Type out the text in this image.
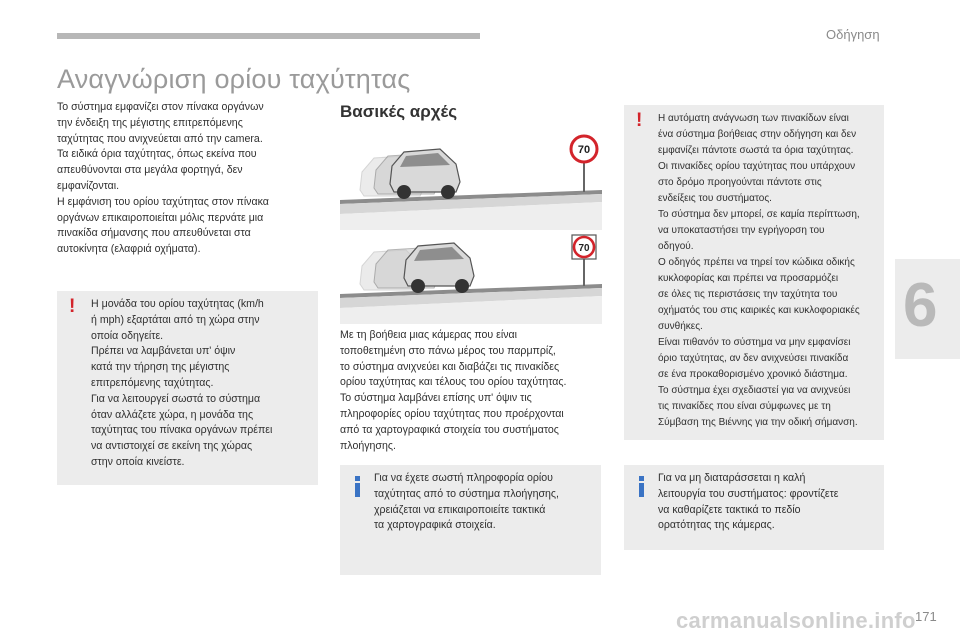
Οδήγηση
Αναγνώριση ορίου ταχύτητας
Το σύστημα εμφανίζει στον πίνακα οργάνων
την ένδειξη της μέγιστης επιτρεπόμενης
ταχύτητας που ανιχνεύεται από την camera.
Τα ειδικά όρια ταχύτητας, όπως εκείνα που
απευθύνονται στα μεγάλα φορτηγά, δεν
εμφανίζονται.
Η εμφάνιση του ορίου ταχύτητας στον πίνακα
οργάνων επικαιροποιείται μόλις περνάτε μια
πινακίδα σήμανσης που απευθύνεται στα
αυτοκίνητα (ελαφριά οχήματα).
! Η μονάδα του ορίου ταχύτητας (km/h
ή mph) εξαρτάται από τη χώρα στην
οποία οδηγείτε.
Πρέπει να λαμβάνεται υπ' όψιν
κατά την τήρηση της μέγιστης
επιτρεπόμενης ταχύτητας.
Για να λειτουργεί σωστά το σύστημα
όταν αλλάζετε χώρα, η μονάδα της
ταχύτητας του πίνακα οργάνων πρέπει
να αντιστοιχεί σε εκείνη της χώρας
στην οποία κινείστε.
Βασικές αρχές
70
70
Με τη βοήθεια μιας κάμερας που είναι
τοποθετημένη στο πάνω μέρος του παρμπρίζ,
το σύστημα ανιχνεύει και διαβάζει τις πινακίδες
ορίου ταχύτητας και τέλους του ορίου ταχύτητας.
Το σύστημα λαμβάνει επίσης υπ' όψιν τις
πληροφορίες ορίου ταχύτητας που προέρχονται
από τα χαρτογραφικά στοιχεία του συστήματος
πλοήγησης.
Για να έχετε σωστή πληροφορία ορίου
ταχύτητας από το σύστημα πλοήγησης,
χρειάζεται να επικαιροποιείτε τακτικά
τα χαρτογραφικά στοιχεία.
! Η αυτόματη ανάγνωση των πινακίδων είναι
ένα σύστημα βοήθειας στην οδήγηση και δεν
εμφανίζει πάντοτε σωστά τα όρια ταχύτητας.
Οι πινακίδες ορίου ταχύτητας που υπάρχουν
στο δρόμο προηγούνται πάντοτε στις
ενδείξεις του συστήματος.
Το σύστημα δεν μπορεί, σε καμία περίπτωση,
να υποκαταστήσει την εγρήγορση του
οδηγού.
Ο οδηγός πρέπει να τηρεί τον κώδικα οδικής
κυκλοφορίας και πρέπει να προσαρμόζει
σε όλες τις περιστάσεις την ταχύτητα του
οχήματός του στις καιρικές και κυκλοφοριακές
συνθήκες.
Είναι πιθανόν το σύστημα να μην εμφανίσει
όριο ταχύτητας, αν δεν ανιχνεύσει πινακίδα
σε ένα προκαθορισμένο χρονικό διάστημα.
Το σύστημα έχει σχεδιαστεί για να ανιχνεύει
τις πινακίδες που είναι σύμφωνες με τη
Σύμβαση της Βιέννης για την οδική σήμανση.
Για να μη διαταράσσεται η καλή
λειτουργία του συστήματος: φροντίζετε
να καθαρίζετε τακτικά το πεδίο
ορατότητας της κάμερας.
6
carmanualsonline.info 171
